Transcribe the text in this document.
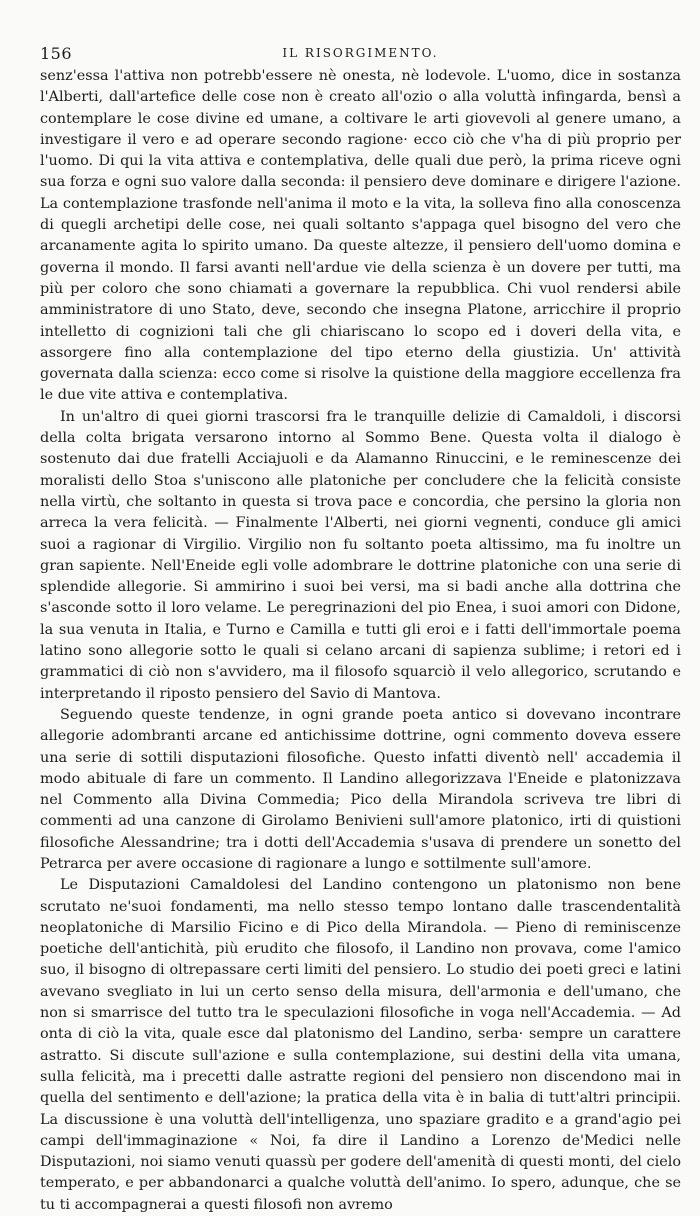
156	IL RISORGIMENTO.

senz'essa l'attiva non potrebb'essere nè onesta, nè lodevole. L'uomo, dice in sostanza l'Alberti, dall'artefice delle cose non è creato all'ozio o alla voluttà infingarda, bensì a contemplare le cose divine ed umane, a coltivare le arti giovevoli al genere umano, a investigare il vero e ad operare secondo ragione· ecco ciò che v'ha di più proprio per l'uomo. Di qui la vita attiva e contemplativa, delle quali due però, la prima riceve ogni sua forza e ogni suo valore dalla seconda: il pensiero deve dominare e dirigere l'azione. La contemplazione trasfonde nell'anima il moto e la vita, la solleva fino alla conoscenza di quegli archetipi delle cose, nei quali soltanto s'appaga quel bisogno del vero che arcanamente agita lo spirito umano. Da queste altezze, il pensiero dell'uomo domina e governa il mondo. Il farsi avanti nell'ardue vie della scienza è un dovere per tutti, ma più per coloro che sono chiamati a governare la repubblica. Chi vuol rendersi abile amministratore di uno Stato, deve, secondo che insegna Platone, arricchire il proprio intelletto di cognizioni tali che gli chiariscano lo scopo ed i doveri della vita, e assorgere fino alla contemplazione del tipo eterno della giustizia. Un' attività governata dalla scienza: ecco come si risolve la quistione della maggiore eccellenza fra le due vite attiva e contemplativa.

In un'altro di quei giorni trascorsi fra le tranquille delizie di Camaldoli, i discorsi della colta brigata versarono intorno al Sommo Bene. Questa volta il dialogo è sostenuto dai due fratelli Acciajuoli e da Alamanno Rinuccini, e le reminescenze dei moralisti dello Stoa s'uniscono alle platoniche per concludere che la felicità consiste nella virtù, che soltanto in questa si trova pace e concordia, che persino la gloria non arreca la vera felicità. — Finalmente l'Alberti, nei giorni vegnenti, conduce gli amici suoi a ragionar di Virgilio. Virgilio non fu soltanto poeta altissimo, ma fu inoltre un gran sapiente. Nell'Eneide egli volle adombrare le dottrine platoniche con una serie di splendide allegorie. Si ammirino i suoi bei versi, ma si badi anche alla dottrina che s'asconde sotto il loro velame. Le peregrinazioni del pio Enea, i suoi amori con Didone, la sua venuta in Italia, e Turno e Camilla e tutti gli eroi e i fatti dell'immortale poema latino sono allegorie sotto le quali si celano arcani di sapienza sublime; i retori ed i grammatici di ciò non s'avvidero, ma il filosofo squarciò il velo allegorico, scrutando e interpretando il riposto pensiero del Savio di Mantova.

Seguendo queste tendenze, in ogni grande poeta antico si dovevano incontrare allegorie adombranti arcane ed antichissime dottrine, ogni commento doveva essere una serie di sottili disputazioni filosofiche. Questo infatti diventò nell' accademia il modo abituale di fare un commento. Il Landino allegorizzava l'Eneide e platonizzava nel Commento alla Divina Commedia; Pico della Mirandola scriveva tre libri di commenti ad una canzone di Girolamo Benivieni sull'amore platonico, irti di quistioni filosofiche Alessandrine; tra i dotti dell'Accademia s'usava di prendere un sonetto del Petrarca per avere occasione di ragionare a lungo e sottilmente sull'amore.

Le Disputazioni Camaldolesi del Landino contengono un platonismo non bene scrutato ne'suoi fondamenti, ma nello stesso tempo lontano dalle trascendentalità neoplatoniche di Marsilio Ficino e di Pico della Mirandola. — Pieno di reminiscenze poetiche dell'antichità, più erudito che filosofo, il Landino non provava, come l'amico suo, il bisogno di oltrepassare certi limiti del pensiero. Lo studio dei poeti greci e latini avevano svegliato in lui un certo senso della misura, dell'armonia e dell'umano, che non si smarrisce del tutto tra le speculazioni filosofiche in voga nell'Accademia. — Ad onta di ciò la vita, quale esce dal platonismo del Landino, serba· sempre un carattere astratto. Si discute sull'azione e sulla contemplazione, sui destini della vita umana, sulla felicità, ma i precetti dalle astratte regioni del pensiero non discendono mai in quella del sentimento e dell'azione; la pratica della vita è in balia di tutt'altri principii. La discussione è una voluttà dell'intelligenza, uno spaziare gradito e a grand'agio pei campi dell'immaginazione « Noi, fa dire il Landino a Lorenzo de'Medici nelle Disputazioni, noi siamo venuti quassù per godere dell'amenità di questi monti, del cielo temperato, e per abbandonarci a qualche voluttà dell'animo. Io spero, adunque, che se tu ti accompagnerai a questi filosofi non avremo
